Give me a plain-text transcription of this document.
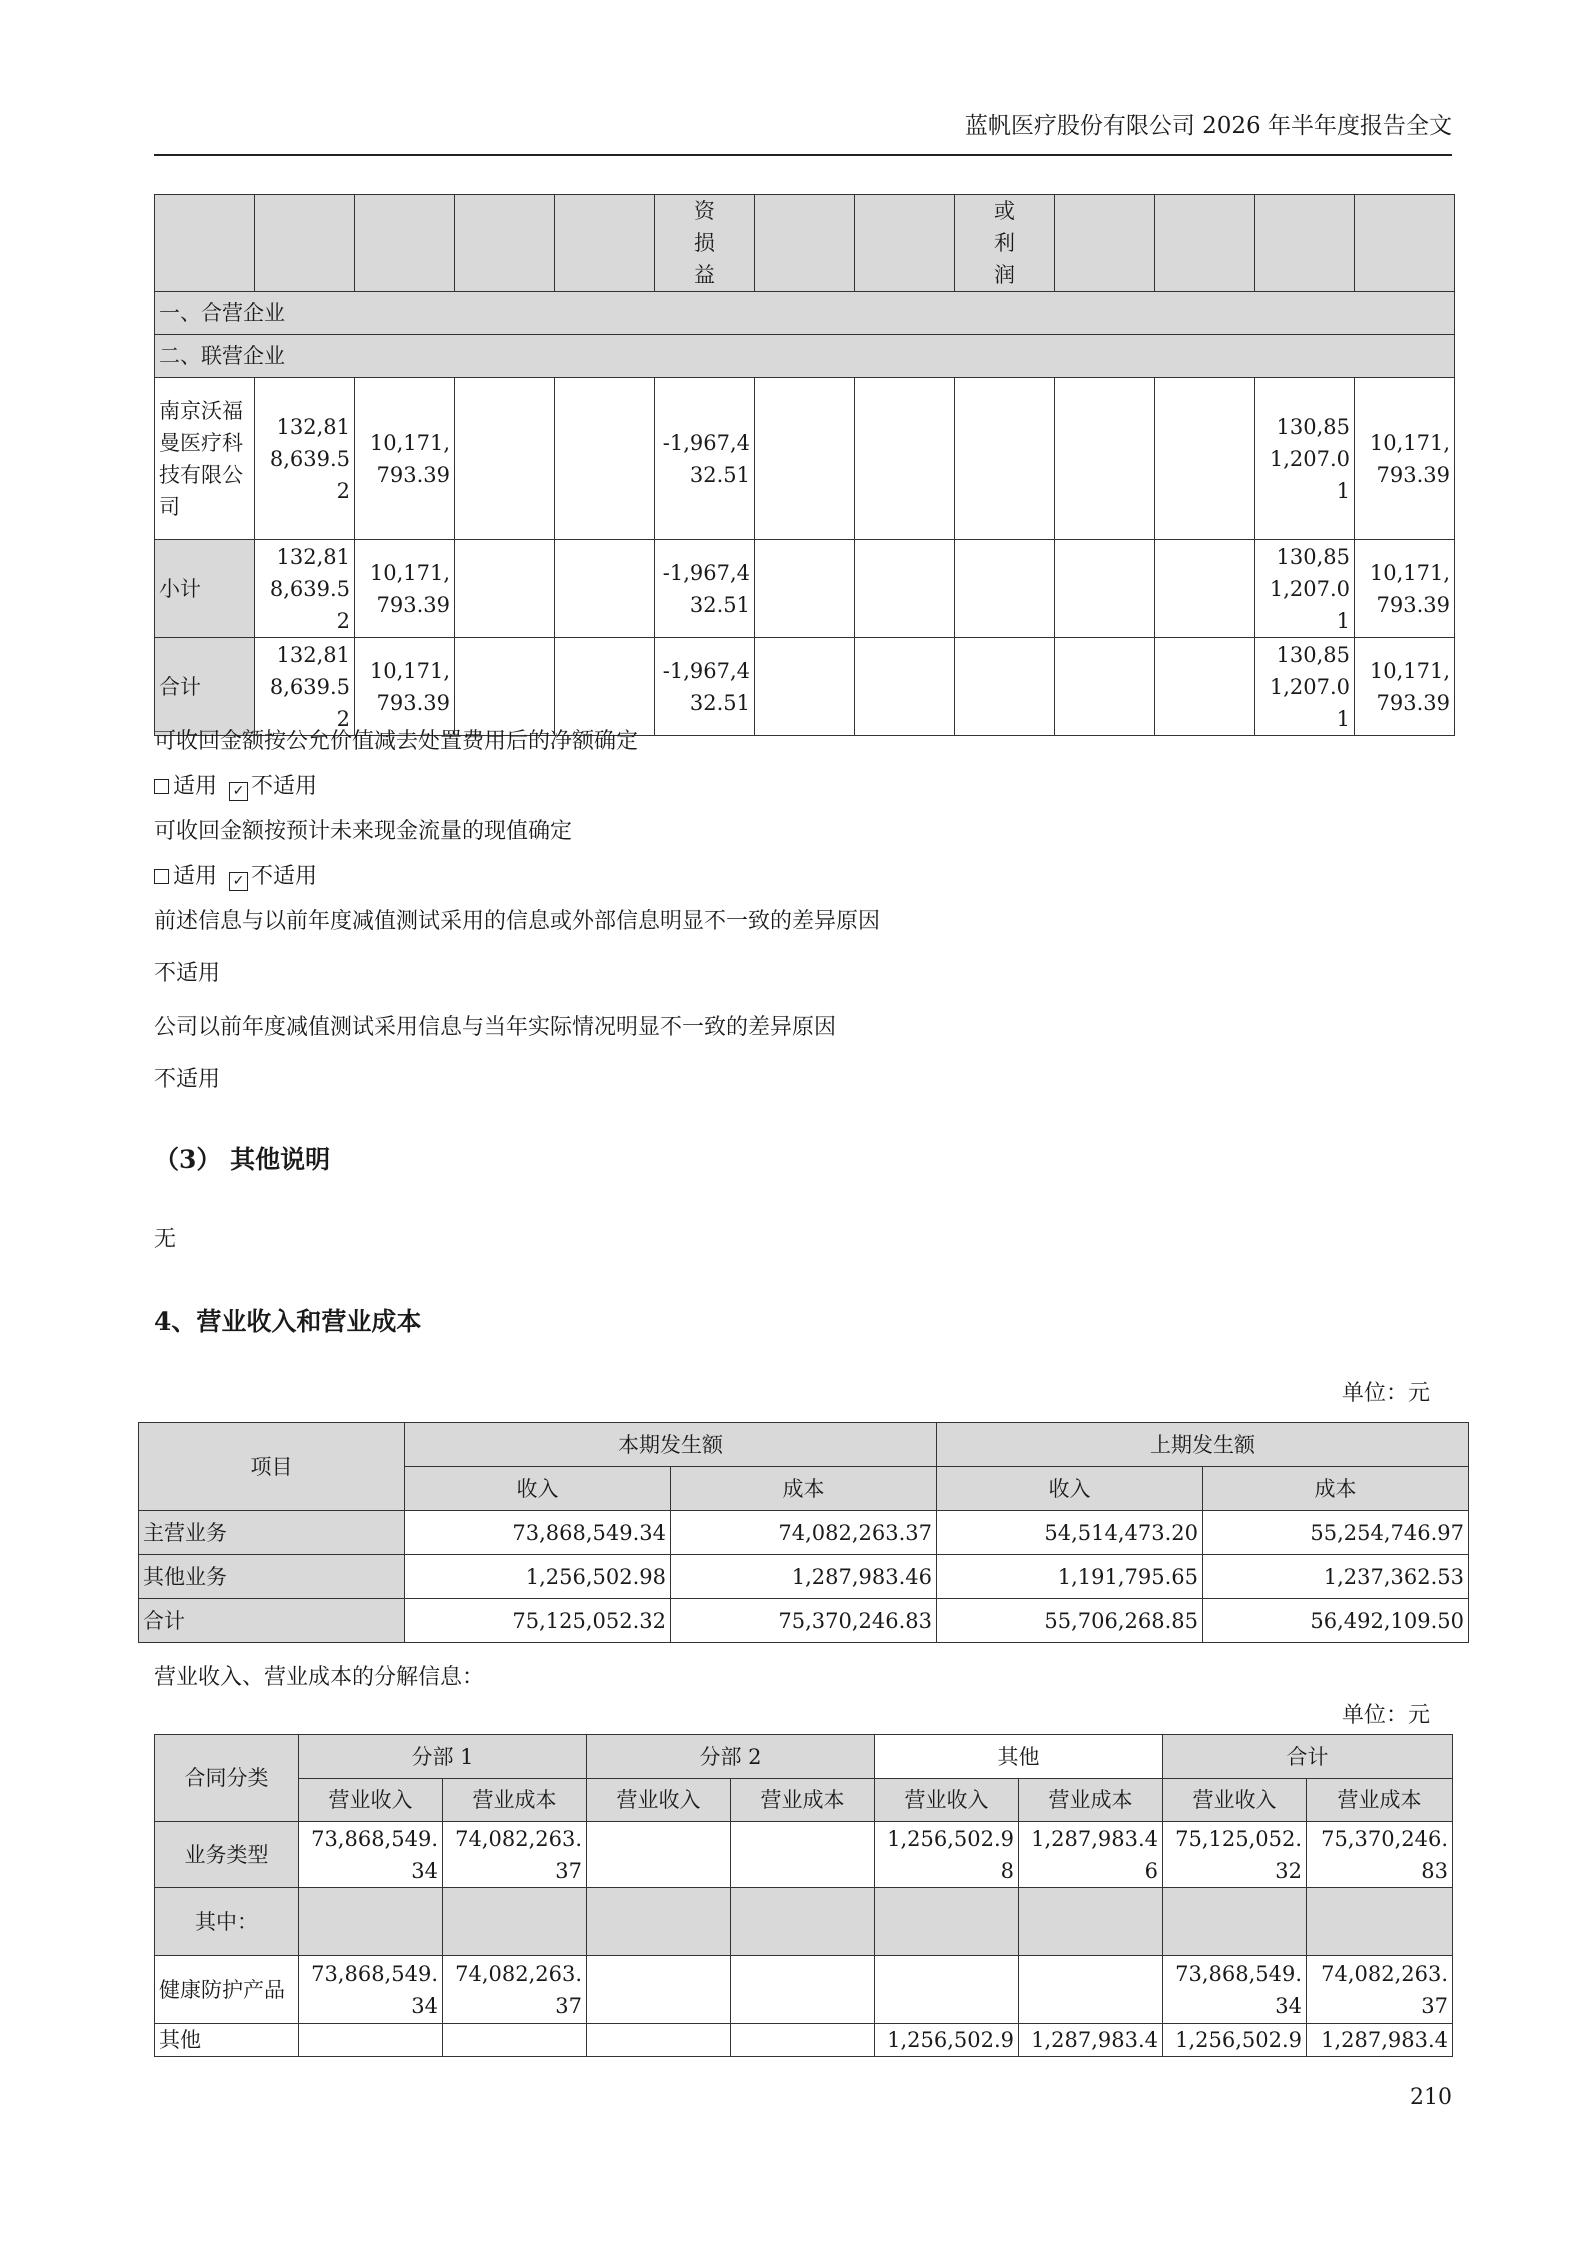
蓝帆医疗股份有限公司 2026 年半年度报告全文
					资损益			或利润				
一、合营企业												
二、联营企业												
南京沃福曼医疗科技有限公司	132,818,639.52	10,171,793.39			-1,967,432.51						130,851,207.01	10,171,793.39
小计	132,818,639.52	10,171,793.39			-1,967,432.51						130,851,207.01	10,171,793.39
合计	132,818,639.52	10,171,793.39			-1,967,432.51						130,851,207.01	10,171,793.39
可收回金额按公允价值减去处置费用后的净额确定
适用 ✓ 不适用
可收回金额按预计未来现金流量的现值确定
适用 ✓ 不适用
前述信息与以前年度减值测试采用的信息或外部信息明显不一致的差异原因
不适用
公司以前年度减值测试采用信息与当年实际情况明显不一致的差异原因
不适用
（3） 其他说明
无
4、营业收入和营业成本
单位：元
项目	本期发生额		上期发生额	
	收入	成本	收入	成本
主营业务	73,868,549.34	74,082,263.37	54,514,473.20	55,254,746.97
其他业务	1,256,502.98	1,287,983.46	1,191,795.65	1,237,362.53
合计	75,125,052.32	75,370,246.83	55,706,268.85	56,492,109.50
营业收入、营业成本的分解信息：
单位：元
合同分类	分部 1		分部 2		其他		合计	
	营业收入	营业成本	营业收入	营业成本	营业收入	营业成本	营业收入	营业成本
业务类型	73,868,549.34	74,082,263.37			1,256,502.98	1,287,983.46	75,125,052.32	75,370,246.83
其中：								
健康防护产品	73,868,549.34	74,082,263.37					73,868,549.34	74,082,263.37
其他					1,256,502.9	1,287,983.4	1,256,502.9	1,287,983.4
210
